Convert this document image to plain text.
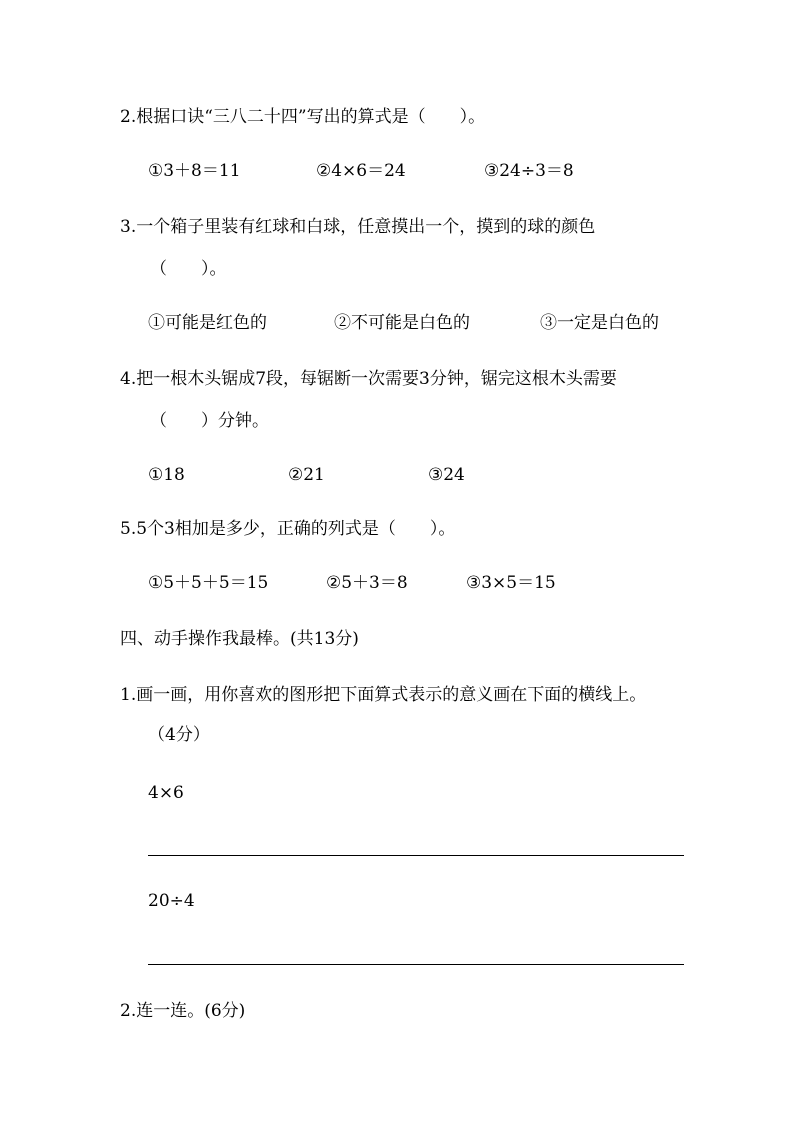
2.根据口诀“三八二十四”写出的算式是（　　）。
①3＋8＝11	②4×6＝24	③24÷3＝8
3.一个箱子里装有红球和白球，任意摸出一个，摸到的球的颜色
（　　）。
①可能是红色的	②不可能是白色的	③一定是白色的
4.把一根木头锯成7段，每锯断一次需要3分钟，锯完这根木头需要
（　　）分钟。
①18	②21	③24
5.5个3相加是多少，正确的列式是（　　）。
①5＋5＋5＝15	②5＋3＝8	③3×5＝15
四、动手操作我最棒。(共13分)
1.画一画，用你喜欢的图形把下面算式表示的意义画在下面的横线上。
（4分）
4×6
20÷4
2.连一连。(6分)
